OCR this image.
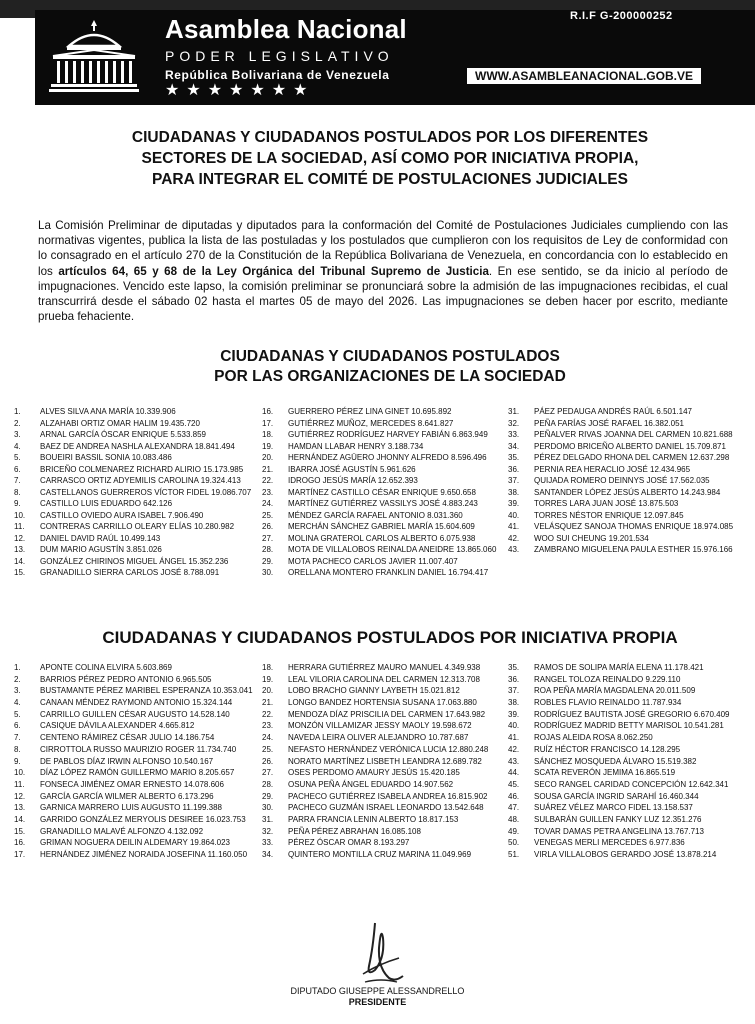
Asamblea Nacional
PODER LEGISLATIVO
República Bolivariana de Venezuela
★★★★★★★
WWW.ASAMBLEANACIONAL.GOB.VE
R.I.F G-200000252
CIUDADANAS Y CIUDADANOS POSTULADOS POR LOS DIFERENTES
SECTORES DE LA SOCIEDAD, ASÍ COMO POR INICIATIVA PROPIA,
PARA INTEGRAR EL COMITÉ DE POSTULACIONES JUDICIALES

La Comisión Preliminar de diputadas y diputados para la conformación del Comité de Postulaciones Judiciales cumpliendo con las normativas vigentes, publica la lista de las postuladas y los postulados que cumplieron con los requisitos de Ley de conformidad con lo consagrado en el artículo 270 de la Constitución de la República Bolivariana de Venezuela, en concordancia con lo establecido en los artículos 64, 65 y 68 de la Ley Orgánica del Tribunal Supremo de Justicia. En ese sentido, se da inicio al período de impugnaciones. Vencido este lapso, la comisión preliminar se pronunciará sobre la admisión de las impugnaciones recibidas, el cual transcurrirá desde el sábado 02 hasta el martes 05 de mayo del 2026. Las impugnaciones se deben hacer por escrito, mediante prueba fehaciente.

CIUDADANAS Y CIUDADANOS POSTULADOS
POR LAS ORGANIZACIONES DE LA SOCIEDAD
1.	ALVES SILVA ANA MARÍA 10.339.906
2.	ALZAHABI ORTIZ OMAR HALIM 19.435.720
3.	ARNAL GARCÍA ÓSCAR ENRIQUE 5.533.859
4.	BAEZ DE ANDREA NASHLA ALEXANDRA 18.841.494
5.	BOUEIRI BASSIL SONIA 10.083.486
6.	BRICEÑO COLMENAREZ RICHARD ALIRIO 15.173.985
7.	CARRASCO ORTIZ ADYEMILIS CAROLINA 19.324.413
8.	CASTELLANOS GUERREROS VÍCTOR FIDEL 19.086.707
9.	CASTILLO LUIS EDUARDO 642.126
10.	CASTILLO OVIEDO AURA ISABEL 7.906.490
11.	CONTRERAS CARRILLO OLEARY ELÍAS 10.280.982
12.	DANIEL DAVID RAÚL 10.499.143
13.	DUM MARIO AGUSTÍN 3.851.026
14.	GONZÁLEZ CHIRINOS MIGUEL ÁNGEL 15.352.236
15.	GRANADILLO SIERRA CARLOS JOSÉ 8.788.091
16.	GUERRERO PÉREZ LINA GINET 10.695.892
17.	GUTIÉRREZ MUÑOZ, MERCEDES 8.641.827
18.	GUTIÉRREZ RODRÍGUEZ HARVEY FABIÁN 6.863.949
19.	HAMDAN LLABAR HENRY 3.188.734
20.	HERNÁNDEZ AGÜERO JHONNY ALFREDO 8.596.496
21.	IBARRA JOSÉ AGUSTÍN 5.961.626
22.	IDROGO JESÚS MARÍA 12.652.393
23.	MARTÍNEZ CASTILLO CÉSAR ENRIQUE 9.650.658
24.	MARTÍNEZ GUTIÉRREZ VASSILYS JOSÉ 4.883.243
25.	MÉNDEZ GARCÍA RAFAEL ANTONIO 8.031.360
26.	MERCHÁN SÁNCHEZ GABRIEL MARÍA 15.604.609
27.	MOLINA GRATEROL CARLOS ALBERTO 6.075.938
28.	MOTA DE VILLALOBOS REINALDA ANEIDRE 13.865.060
29.	MOTA PACHECO CARLOS JAVIER 11.007.407
30.	ORELLANA MONTERO FRANKLIN DANIEL 16.794.417
31.	PÁEZ PEDAUGA ANDRÉS RAÚL 6.501.147
32.	PEÑA FARÍAS JOSÉ RAFAEL 16.382.051
33.	PEÑALVER RIVAS JOANNA DEL CARMEN 10.821.688
34.	PERDOMO BRICEÑO ALBERTO DANIEL 15.709.871
35.	PÉREZ DELGADO RHONA DEL CARMEN 12.637.298
36.	PERNIA REA HERACLIO JOSÉ 12.434.965
37.	QUIJADA ROMERO DEINNYS JOSÉ 17.562.035
38.	SANTANDER LÓPEZ JESÚS ALBERTO 14.243.984
39.	TORRES LARA JUAN JOSÉ 13.875.503
40.	TORRES NÉSTOR ENRIQUE 12.097.845
41.	VELÁSQUEZ SANOJA THOMAS ENRIQUE 18.974.085
42.	WOO SUI CHEUNG 19.201.534
43.	ZAMBRANO MIGUELENA PAULA ESTHER 15.976.166
CIUDADANAS Y CIUDADANOS POSTULADOS POR INICIATIVA PROPIA
1.	APONTE COLINA ELVIRA 5.603.869
2.	BARRIOS PÉREZ PEDRO ANTONIO 6.965.505
3.	BUSTAMANTE PÉREZ MARIBEL ESPERANZA 10.353.041
4.	CANAAN MÉNDEZ RAYMOND ANTONIO 15.324.144
5.	CARRILLO GUILLEN CÉSAR AUGUSTO 14.528.140
6.	CASIQUE DÁVILA ALEXANDER 4.665.812
7.	CENTENO RÁMIREZ CÉSAR JULIO 14.186.754
8.	CIRROTTOLA RUSSO MAURIZIO ROGER 11.734.740
9.	DE PABLOS DÍAZ IRWIN ALFONSO 10.540.167
10.	DÍAZ LÓPEZ RAMÓN GUILLERMO MARIO 8.205.657
11.	FONSECA JIMÉNEZ OMAR ERNESTO 14.078.606
12.	GARCÍA GARCÍA WILMER ALBERTO 6.173.296
13.	GARNICA MARRERO LUIS AUGUSTO 11.199.388
14.	GARRIDO GONZÁLEZ MERYOLIS DESIREE 16.023.753
15.	GRANADILLO MALAVÉ ALFONZO 4.132.092
16.	GRIMAN NOGUERA DEILIN ALDEMARY 19.864.023
17.	HERNÁNDEZ JIMÉNEZ NORAIDA JOSEFINA 11.160.050
18.	HERRARA GUTIÉRREZ MAURO MANUEL 4.349.938
19.	LEAL VILORIA CAROLINA DEL CARMEN 12.313.708
20.	LOBO BRACHO GIANNY LAYBETH 15.021.812
21.	LONGO BANDEZ HORTENSIA SUSANA 17.063.880
22.	MENDOZA DÍAZ PRISCILIA DEL CARMEN 17.643.982
23.	MONZÓN VILLAMIZAR JESSY MAOLY 19.598.672
24.	NAVEDA LEIRA OLIVER ALEJANDRO 10.787.687
25.	NEFASTO HERNÁNDEZ VERÓNICA LUCIA 12.880.248
26.	NORATO MARTÍNEZ LISBETH LEANDRA 12.689.782
27.	OSES PERDOMO AMAURY JESÚS 15.420.185
28.	OSUNA PEÑA ÁNGEL EDUARDO 14.907.562
29.	PACHECO GUTIÉRREZ ISABELA ANDREA 16.815.902
30.	PACHECO GUZMÁN ISRAEL LEONARDO 13.542.648
31.	PARRA FRANCIA LENIN ALBERTO 18.817.153
32.	PEÑA PÉREZ ABRAHAN 16.085.108
33.	PÉREZ ÓSCAR OMAR 8.193.297
34.	QUINTERO MONTILLA CRUZ MARINA 11.049.969
35.	RAMOS DE SOLIPA MARÍA ELENA 11.178.421
36.	RANGEL TOLOZA REINALDO 9.229.110
37.	ROA PEÑA MARÍA MAGDALENA 20.011.509
38.	ROBLES FLAVIO REINALDO 11.787.934
39.	RODRÍGUEZ BAUTISTA JOSÉ GREGORIO 6.670.409
40.	RODRÍGUEZ MADRID BETTY MARISOL 10.541.281
41.	ROJAS ALEIDA ROSA 8.062.250
42.	RUÍZ HÉCTOR FRANCISCO 14.128.295
43.	SÁNCHEZ MOSQUEDA ÁLVARO 15.519.382
44.	SCATA REVERÓN JEMIMA 16.865.519
45.	SECO RANGEL CARIDAD CONCEPCIÓN 12.642.341
46.	SOUSA GARCÍA INGRID SARAHÍ 16.460.344
47.	SUÁREZ VÉLEZ MARCO FIDEL 13.158.537
48.	SULBARÁN GUILLEN FANKY LUZ 12.351.276
49.	TOVAR DAMAS PETRA ANGELINA 13.767.713
50.	VENEGAS MERLI MERCEDES 6.977.836
51.	VIRLA VILLALOBOS GERARDO JOSÉ 13.878.214
DIPUTADO GIUSEPPE ALESSANDRELLO
PRESIDENTE
